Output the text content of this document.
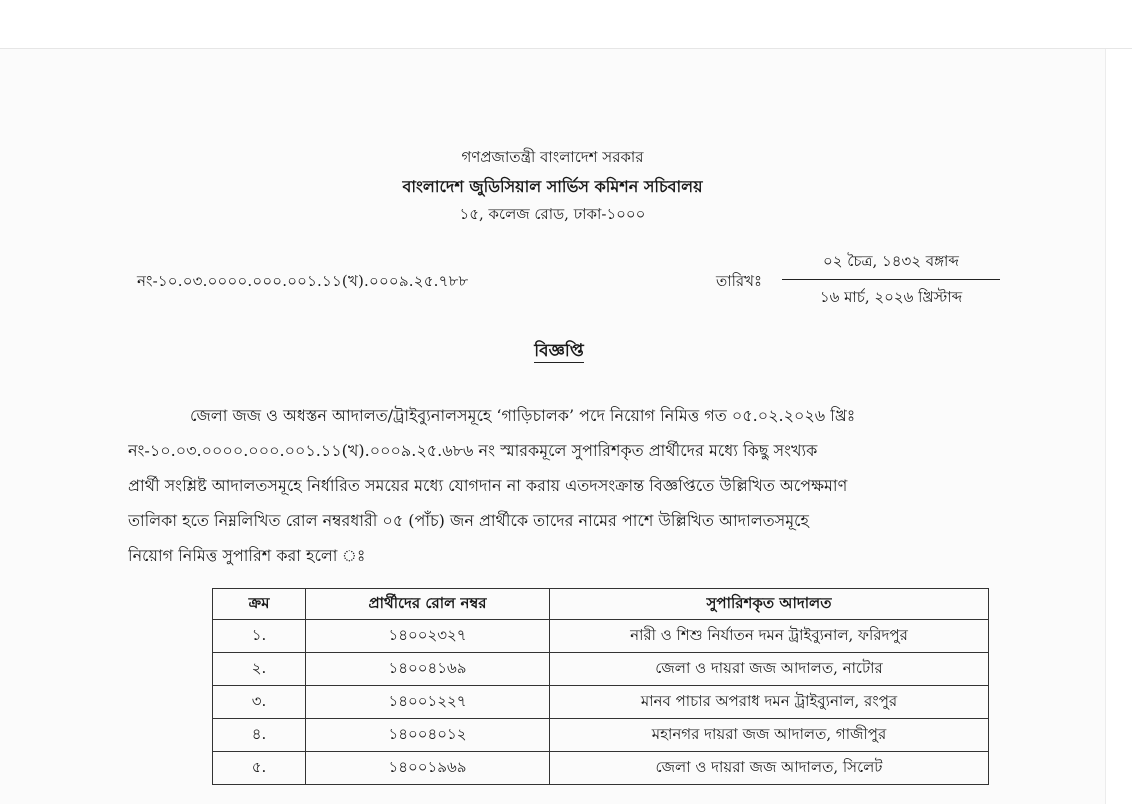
গণপ্রজাতন্ত্রী বাংলাদেশ সরকার
বাংলাদেশ জুডিসিয়াল সার্ভিস কমিশন সচিবালয়
১৫, কলেজ রোড, ঢাকা-১০০০
নং-১০.০৩.০০০০.০০০.০০১.১১(খ).০০০৯.২৫.৭৮৮	তারিখঃ
০২ চৈত্র, ১৪৩২ বঙ্গাব্দ
১৬ মার্চ, ২০২৬ খ্রিস্টাব্দ
বিজ্ঞপ্তি
জেলা জজ ও অধস্তন আদালত/ট্রাইব্যুনালসমূহে ‘গাড়িচালক’ পদে নিয়োগ নিমিত্ত গত ০৫.০২.২০২৬ খ্রিঃ
নং-১০.০৩.০০০০.০০০.০০১.১১(খ).০০০৯.২৫.৬৮৬ নং স্মারকমূলে সুপারিশকৃত প্রার্থীদের মধ্যে কিছু সংখ্যক
প্রার্থী সংশ্লিষ্ট আদালতসমূহে নির্ধারিত সময়ের মধ্যে যোগদান না করায় এতদসংক্রান্ত বিজ্ঞপ্তিতে উল্লিখিত অপেক্ষমাণ
তালিকা হতে নিম্নলিখিত রোল নম্বরধারী ০৫ (পাঁচ) জন প্রার্থীকে তাদের নামের পাশে উল্লিখিত আদালতসমূহে
নিয়োগ নিমিত্ত সুপারিশ করা হলো ঃ
ক্রম	প্রার্থীদের রোল নম্বর	সুপারিশকৃত আদালত
১.	১৪০০২৩২৭	নারী ও শিশু নির্যাতন দমন ট্রাইব্যুনাল, ফরিদপুর
২.	১৪০০৪১৬৯	জেলা ও দায়রা জজ আদালত, নাটোর
৩.	১৪০০১২২৭	মানব পাচার অপরাধ দমন ট্রাইব্যুনাল, রংপুর
৪.	১৪০০৪০১২	মহানগর দায়রা জজ আদালত, গাজীপুর
৫.	১৪০০১৯৬৯	জেলা ও দায়রা জজ আদালত, সিলেট
